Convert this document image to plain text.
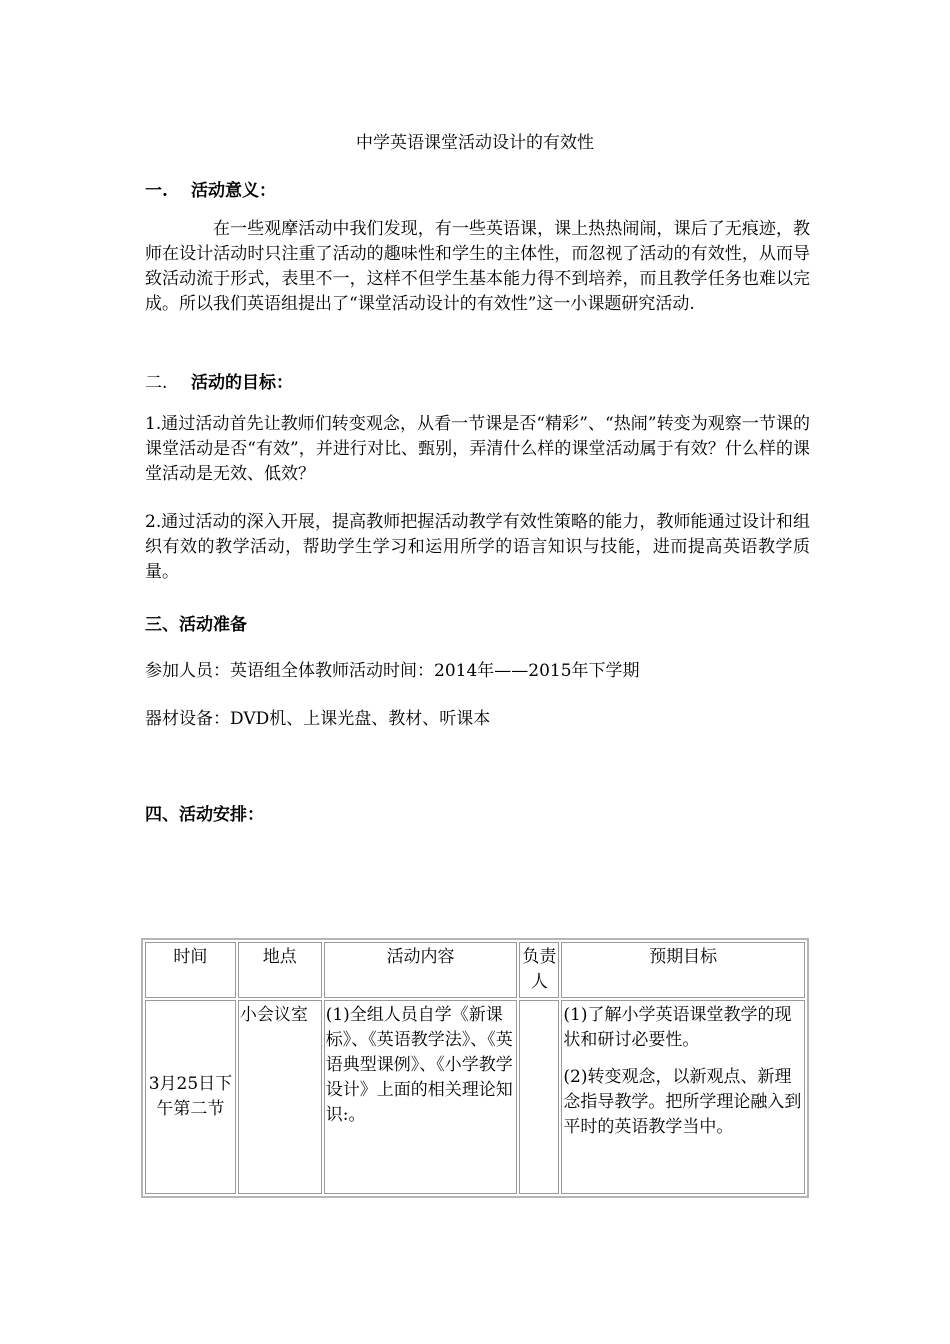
中学英语课堂活动设计的有效性
一. 活动意义：
在一些观摩活动中我们发现，有一些英语课，课上热热闹闹，课后了无痕迹，教师在设计活动时只注重了活动的趣味性和学生的主体性，而忽视了活动的有效性，从而导致活动流于形式，表里不一，这样不但学生基本能力得不到培养，而且教学任务也难以完成。所以我们英语组提出了“课堂活动设计的有效性”这一小课题研究活动.
二. 活动的目标：
1.通过活动首先让教师们转变观念，从看一节课是否“精彩”、“热闹”转变为观察一节课的课堂活动是否“有效”，并进行对比、甄别，弄清什么样的课堂活动属于有效？什么样的课堂活动是无效、低效？
2.通过活动的深入开展，提高教师把握活动教学有效性策略的能力，教师能通过设计和组织有效的教学活动，帮助学生学习和运用所学的语言知识与技能，进而提高英语教学质量。
三、活动准备
参加人员：英语组全体教师活动时间：2014年——2015年下学期
器材设备：DVD机、上课光盘、教材、听课本
四、活动安排：
时间	地点	活动内容	负责人	预期目标
3月25日下午第二节	小会议室	(1)全组人员自学《新课标》、《英语教学法》、《英语典型课例》、《小学教学设计》上面的相关理论知识:。		(1)了解小学英语课堂教学的现状和研讨必要性。

(2)转变观念，以新观点、新理念指导教学。把所学理论融入到平时的英语教学当中。
